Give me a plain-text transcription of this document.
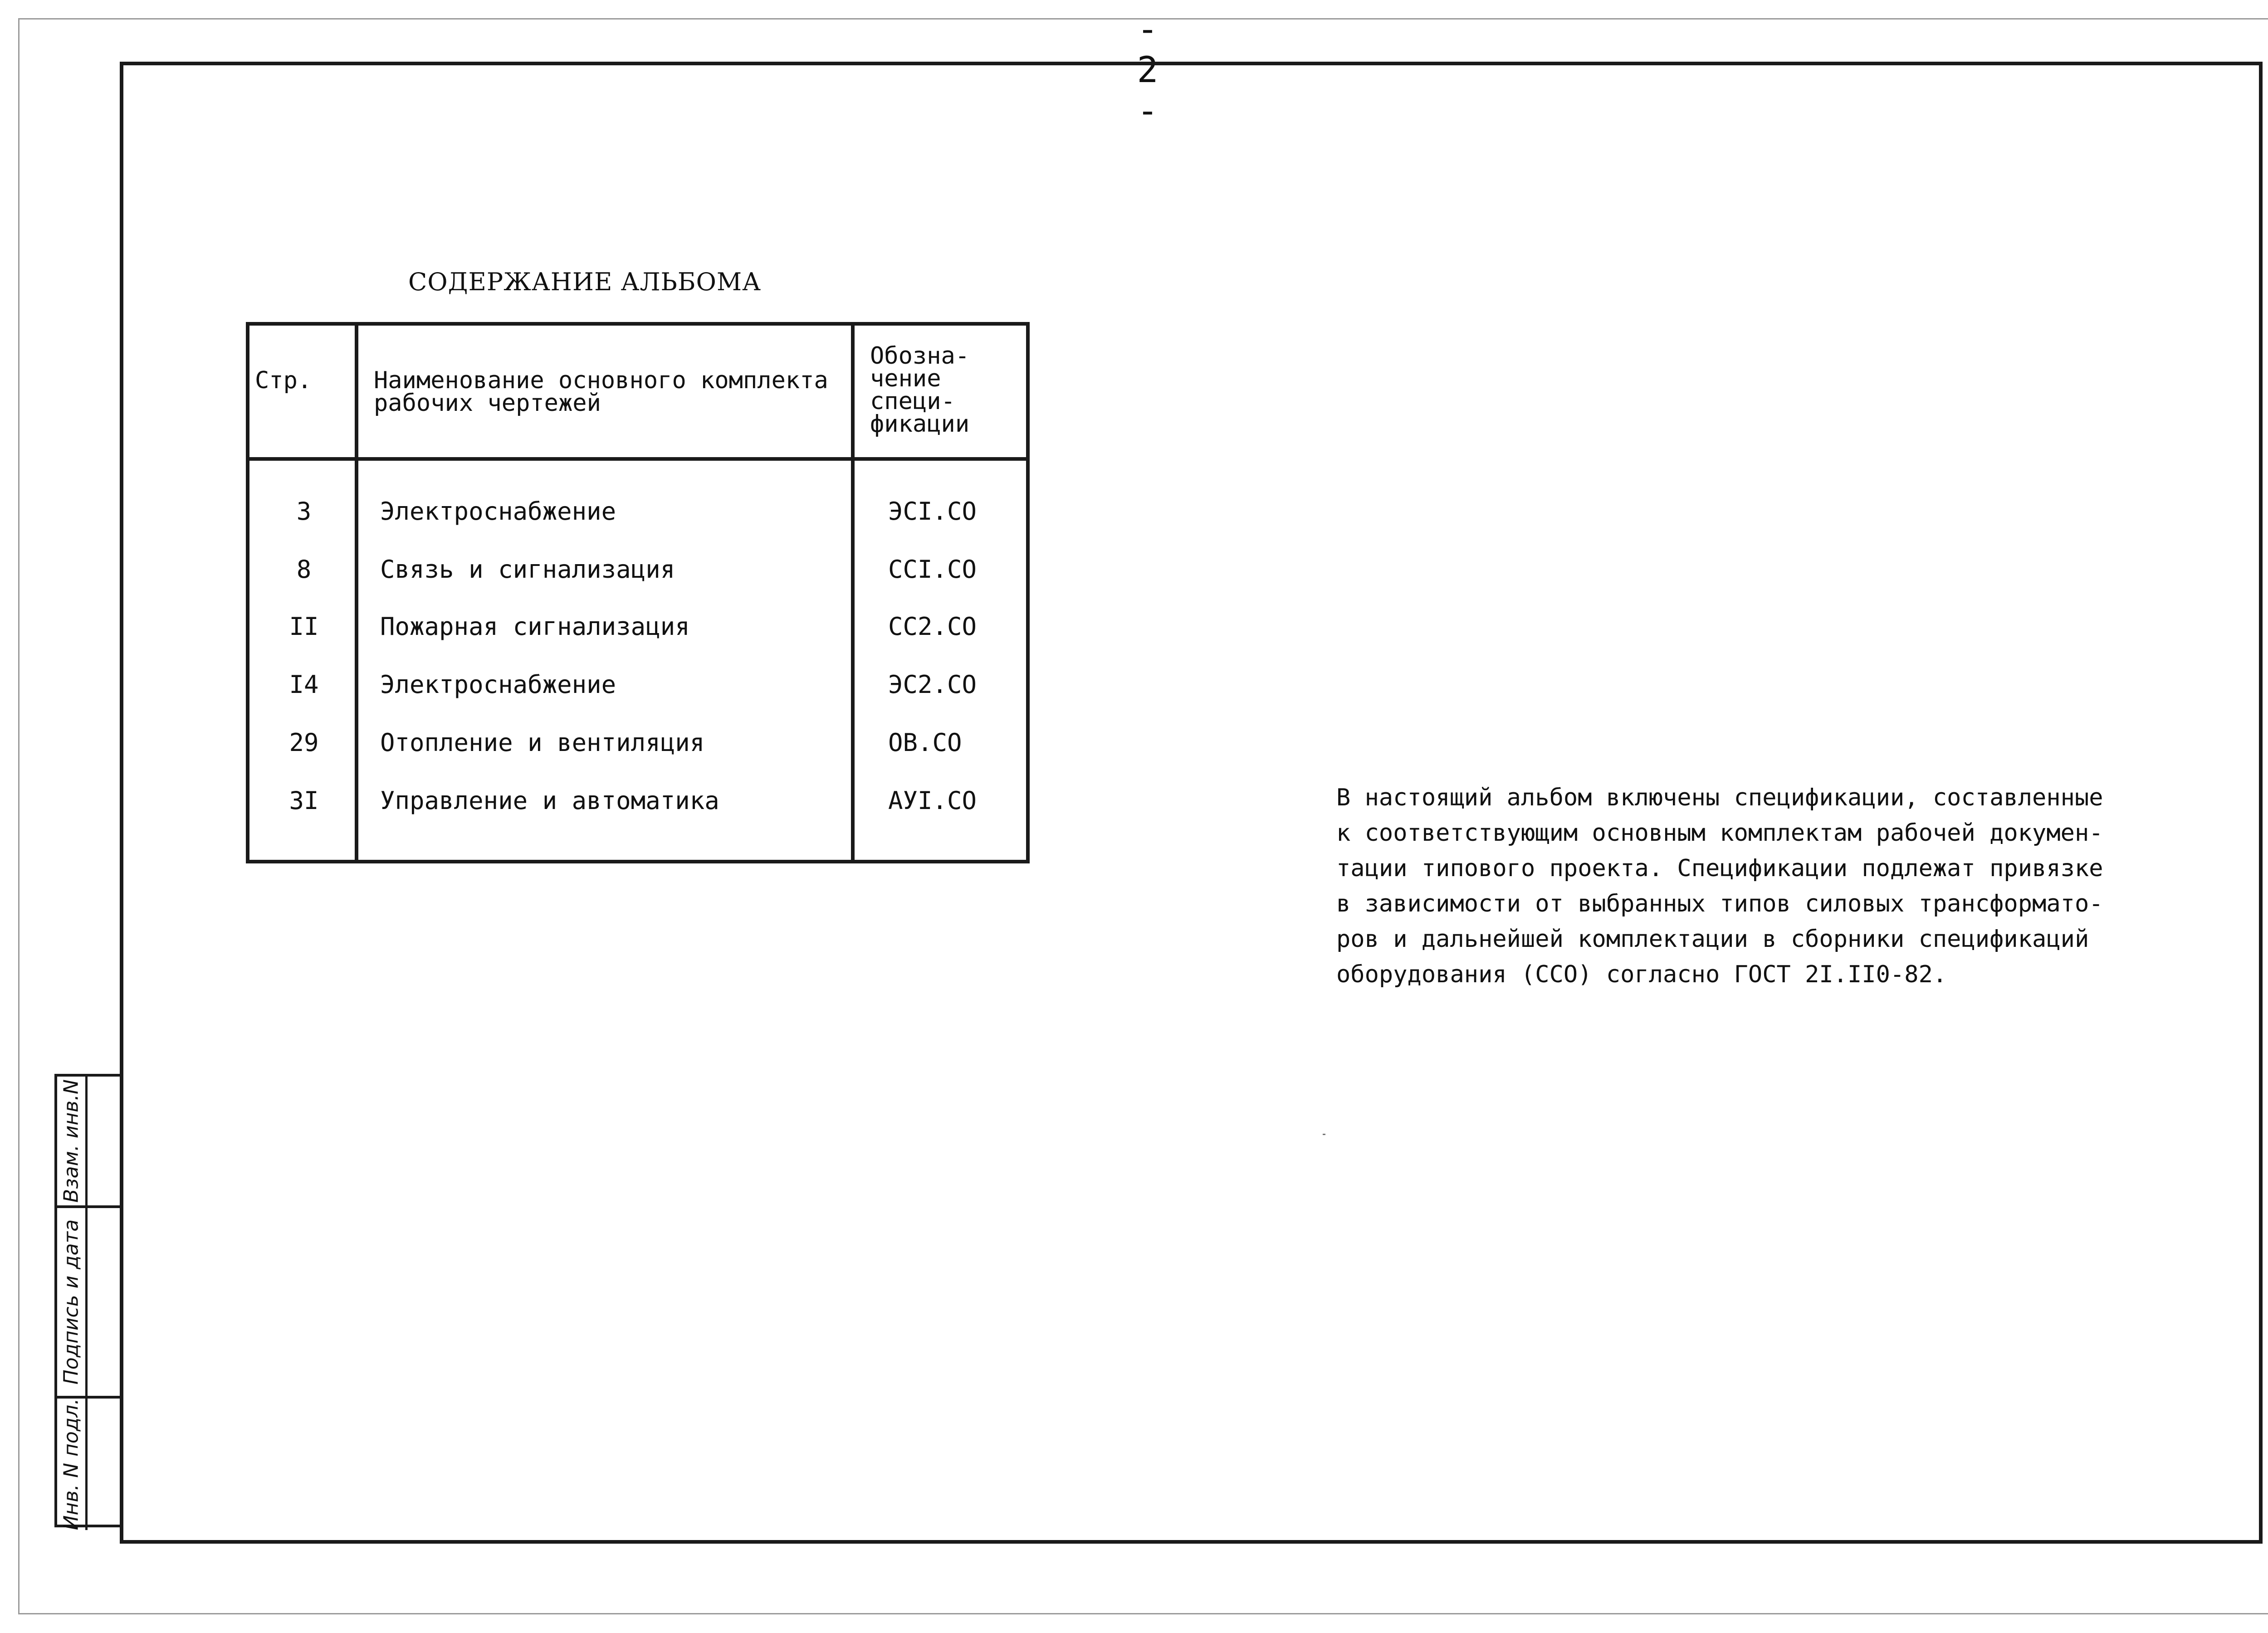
- 2 -
СОДЕРЖАНИЕ АЛЬБОМА
Стр.	Наименование основного комплекта
рабочих чертежей
Обозна-
чение
специ-
фикации
3	Электроснабжение	ЭСI.СО
8	Связь и сигнализация	ССI.СО
II	Пожарная сигнализация	СС2.СО
I4	Электроснабжение	ЭС2.СО
29	Отопление и вентиляция	ОВ.СО
3I	Управление и автоматика	АУI.СО	В настоящий альбом включены спецификации, составленные
к соответствующим основным комплектам рабочей докумен-
тации типового проекта. Спецификации подлежат привязке
в зависимости от выбранных типов силовых трансформато-
ров и дальнейшей комплектации в сборники спецификаций
оборудования (ССО) согласно ГОСТ 2I.II0-82.
Взам. инв.N
Подпись и дата
Инв. N подл.
